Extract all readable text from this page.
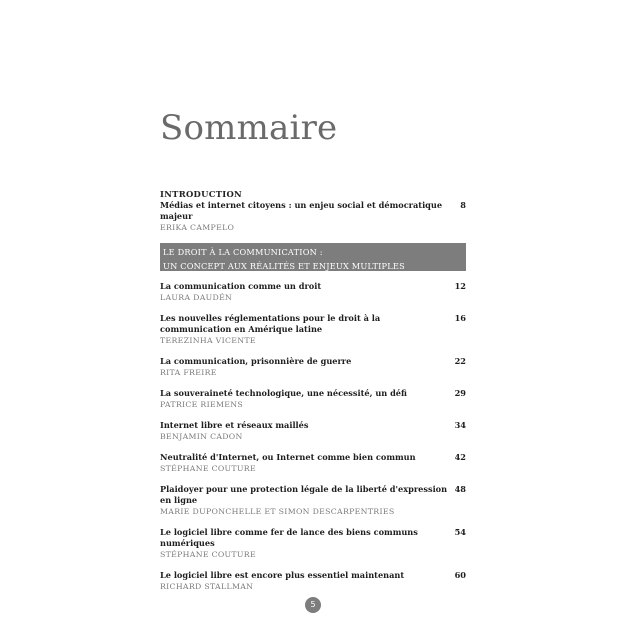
Sommaire
INTRODUCTION
Médias et internet citoyens : un enjeu social et démocratique majeur
ERIKA CAMPELO
8
LE DROIT À LA COMMUNICATION :
UN CONCEPT AUX RÉALITÉS ET ENJEUX MULTIPLES
La communication comme un droit
LAURA DAUDÉN
12
Les nouvelles réglementations pour le droit à la communication en Amérique latine
TEREZINHA VICENTE
16
La communication, prisonnière de guerre
RITA FREIRE
22
La souveraineté technologique, une nécessité, un défi
PATRICE RIEMENS
29
Internet libre et réseaux maillés
BENJAMIN CADON
34
Neutralité d'Internet, ou Internet comme bien commun
STÉPHANE COUTURE
42
Plaidoyer pour une protection légale de la liberté d'expression en ligne
MARIE DUPONCHELLE ET SIMON DESCARPENTRIES
48
Le logiciel libre comme fer de lance des biens communs numériques
STÉPHANE COUTURE
54
Le logiciel libre est encore plus essentiel maintenant
RICHARD STALLMAN
60
5
